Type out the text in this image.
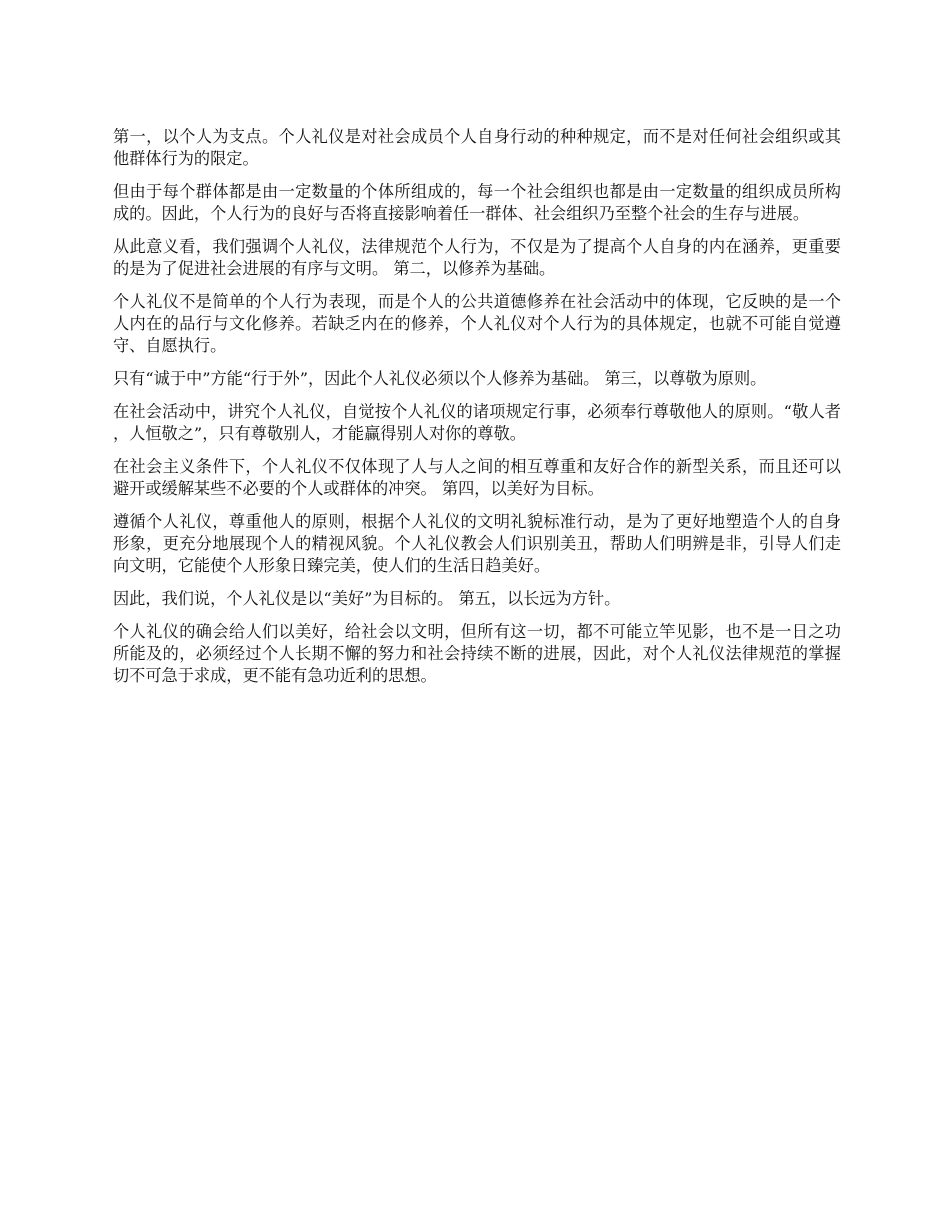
第一，以个人为支点。个人礼仪是对社会成员个人自身行动的种种规定，而不是对任何社会组织或其他群体行为的限定。

但由于每个群体都是由一定数量的个体所组成的，每一个社会组织也都是由一定数量的组织成员所构成的。因此，个人行为的良好与否将直接影响着任一群体、社会组织乃至整个社会的生存与进展。

从此意义看，我们强调个人礼仪，法律规范个人行为，不仅是为了提高个人自身的内在涵养，更重要的是为了促进社会进展的有序与文明。 第二，以修养为基础。

个人礼仪不是简单的个人行为表现，而是个人的公共道德修养在社会活动中的体现，它反映的是一个人内在的品行与文化修养。若缺乏内在的修养，个人礼仪对个人行为的具体规定，也就不可能自觉遵守、自愿执行。

只有“诚于中”方能“行于外”，因此个人礼仪必须以个人修养为基础。 第三，以尊敬为原则。

在社会活动中，讲究个人礼仪，自觉按个人礼仪的诸项规定行事，必须奉行尊敬他人的原则。“敬人者，人恒敬之”，只有尊敬别人，才能赢得别人对你的尊敬。

在社会主义条件下，个人礼仪不仅体现了人与人之间的相互尊重和友好合作的新型关系，而且还可以避开或缓解某些不必要的个人或群体的冲突。 第四，以美好为目标。

遵循个人礼仪，尊重他人的原则，根据个人礼仪的文明礼貌标准行动，是为了更好地塑造个人的自身形象，更充分地展现个人的精视风貌。个人礼仪教会人们识别美丑，帮助人们明辨是非，引导人们走向文明，它能使个人形象日臻完美，使人们的生活日趋美好。

因此，我们说，个人礼仪是以“美好”为目标的。 第五，以长远为方针。

个人礼仪的确会给人们以美好，给社会以文明，但所有这一切，都不可能立竿见影，也不是一日之功所能及的，必须经过个人长期不懈的努力和社会持续不断的进展，因此，对个人礼仪法律规范的掌握切不可急于求成，更不能有急功近利的思想。
